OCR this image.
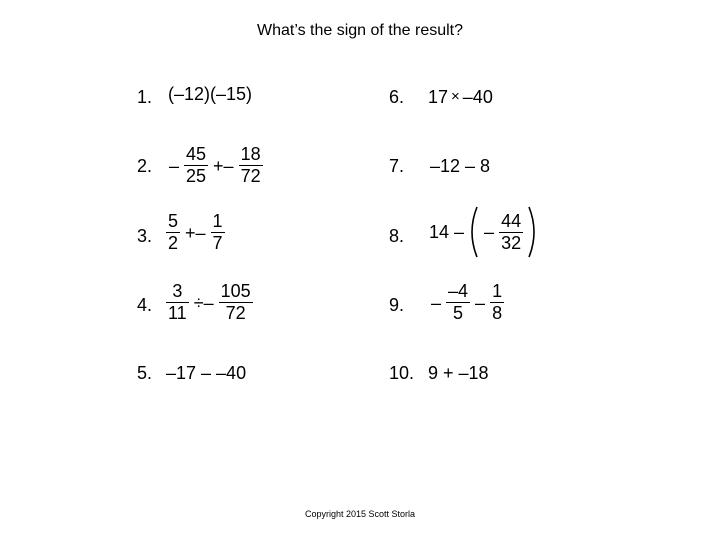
What’s the sign of the result?
1. (–12)(–15)
2. – $\frac{45}{25} +- \frac{18}{72}$
3. $\frac{5}{2} +- \frac{1}{7}$
4. $\frac{3}{11} \div- \frac{105}{72}$
5. –17 – –40
6. 17 × –40
7. –12 – 8
8. 14 – – $\frac{44}{32}$
9. – $\frac{-4}{5} - \frac{1}{8}$
10. 9 + –18
Copyright 2015 Scott Storla
